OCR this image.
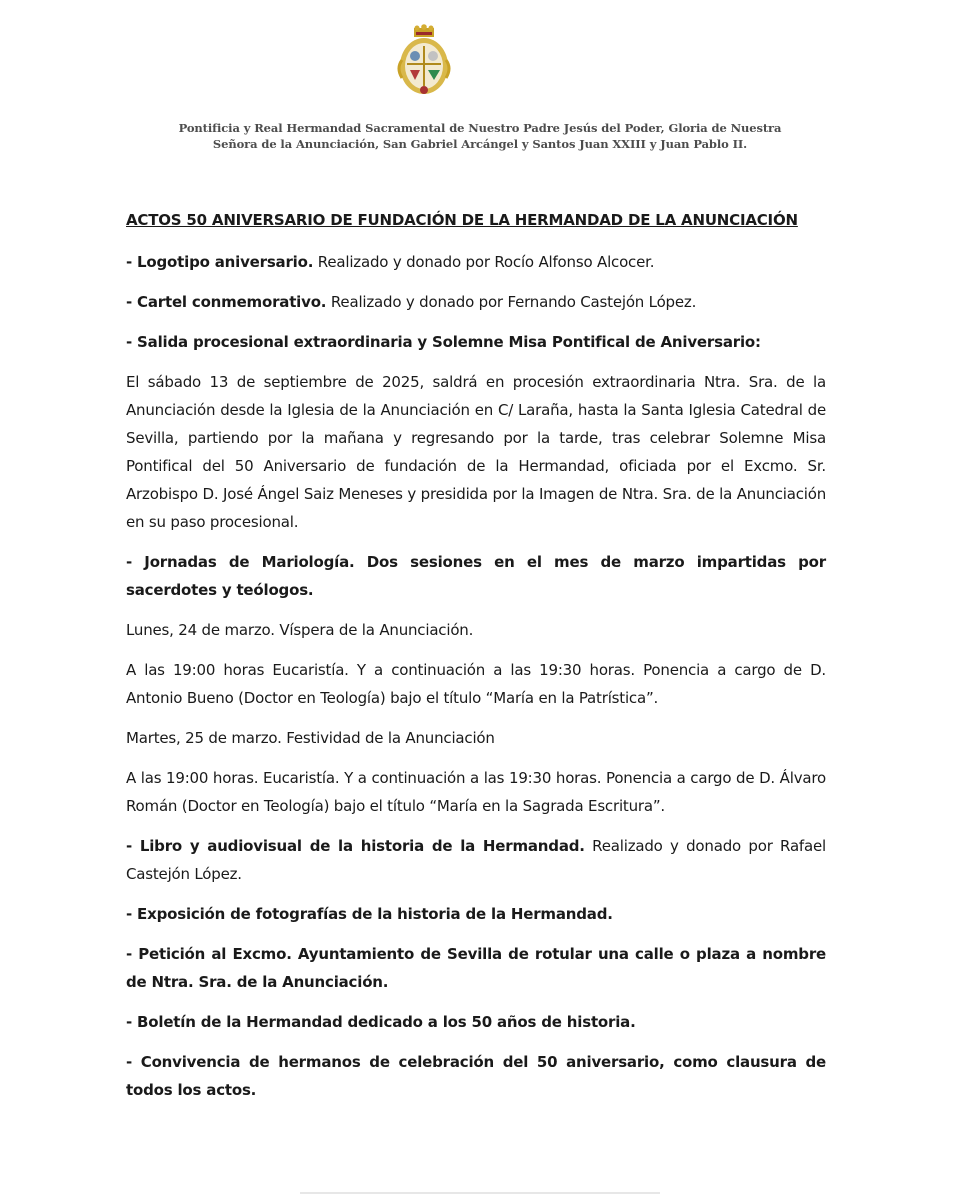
Pontificia y Real Hermandad Sacramental de Nuestro Padre Jesús del Poder, Gloria de Nuestra
Señora de la Anunciación, San Gabriel Arcángel y Santos Juan XXIII y Juan Pablo II.
ACTOS 50 ANIVERSARIO DE FUNDACIÓN DE LA HERMANDAD DE LA ANUNCIACIÓN
- Logotipo aniversario. Realizado y donado por Rocío Alfonso Alcocer.
- Cartel conmemorativo. Realizado y donado por Fernando Castejón López.
- Salida procesional extraordinaria y Solemne Misa Pontifical de Aniversario:
El sábado 13 de septiembre de 2025, saldrá en procesión extraordinaria Ntra. Sra. de la Anunciación desde la Iglesia de la Anunciación en C/ Laraña, hasta la Santa Iglesia Catedral de Sevilla, partiendo por la mañana y regresando por la tarde, tras celebrar Solemne Misa Pontifical del 50 Aniversario de fundación de la Hermandad, oficiada por el Excmo. Sr. Arzobispo D. José Ángel Saiz Meneses y presidida por la Imagen de Ntra. Sra. de la Anunciación en su paso procesional.
- Jornadas de Mariología. Dos sesiones en el mes de marzo impartidas por sacerdotes y teólogos.
Lunes, 24 de marzo. Víspera de la Anunciación.
A las 19:00 horas Eucaristía. Y a continuación a las 19:30 horas. Ponencia a cargo de D. Antonio Bueno (Doctor en Teología) bajo el título “María en la Patrística”.
Martes, 25 de marzo. Festividad de la Anunciación
A las 19:00 horas. Eucaristía. Y a continuación a las 19:30 horas. Ponencia a cargo de D. Álvaro Román (Doctor en Teología) bajo el título “María en la Sagrada Escritura”.
- Libro y audiovisual de la historia de la Hermandad. Realizado y donado por Rafael Castejón López.
- Exposición de fotografías de la historia de la Hermandad.
- Petición al Excmo. Ayuntamiento de Sevilla de rotular una calle o plaza a nombre de Ntra. Sra. de la Anunciación.
- Boletín de la Hermandad dedicado a los 50 años de historia.
- Convivencia de hermanos de celebración del 50 aniversario, como clausura de todos los actos.
